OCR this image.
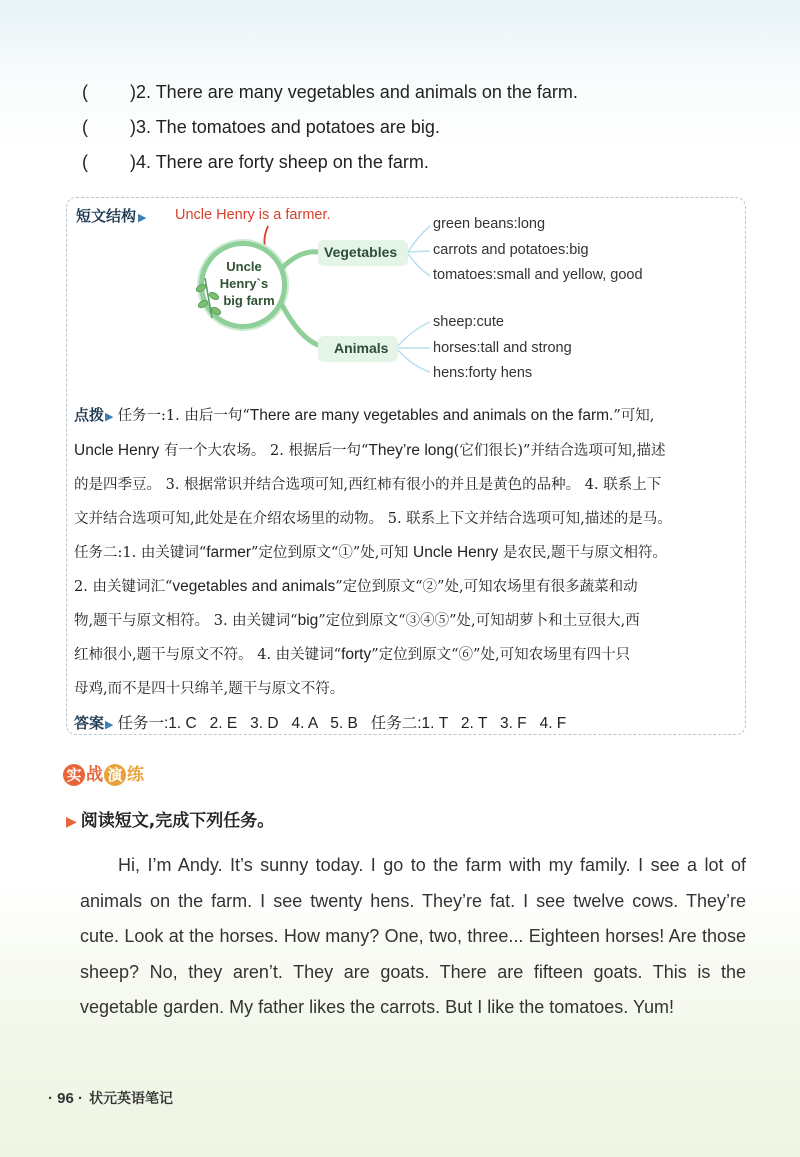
( )2. There are many vegetables and animals on the farm.
( )3. The tomatoes and potatoes are big.
( )4. There are forty sheep on the farm.
短文结构 ▶ Uncle Henry is a farmer.
Uncle
Henry`s
big farm
Vegetables
Animals
green beans:long
carrots and potatoes:big
tomatoes:small and yellow, good
sheep:cute
horses:tall and strong
hens:forty hens
点拨▶ 任务一:1. 由后一句“There are many vegetables and animals on the farm.”可知,
Uncle Henry 有一个大农场。 2. 根据后一句“They’re long(它们很长)”并结合选项可知,描述
的是四季豆。 3. 根据常识并结合选项可知,西红柿有很小的并且是黄色的品种。 4. 联系上下
文并结合选项可知,此处是在介绍农场里的动物。 5. 联系上下文并结合选项可知,描述的是马。
任务二:1. 由关键词“farmer”定位到原文“①”处,可知 Uncle Henry 是农民,题干与原文相符。
2. 由关键词汇“vegetables and animals”定位到原文“②”处,可知农场里有很多蔬菜和动
物,题干与原文相符。 3. 由关键词“big”定位到原文“③④⑤”处,可知胡萝卜和土豆很大,西
红柿很小,题干与原文不符。 4. 由关键词“forty”定位到原文“⑥”处,可知农场里有四十只
母鸡,而不是四十只绵羊,题干与原文不符。
答案▶ 任务一:1. C   2. E   3. D   4. A   5. B   任务二:1. T   2. T   3. F   4. F
实 战 演 练
▶ 阅读短文,完成下列任务。
Hi, I’m Andy. It’s sunny today. I go to the farm with my family. I see a lot of animals on the farm. I see twenty hens. They’re fat. I see twelve cows. They’re cute. Look at the horses. How many? One, two, three... Eighteen horses! Are those sheep? No, they aren’t. They are goats. There are fifteen goats. This is the vegetable garden. My father likes the carrots. But I like the tomatoes. Yum!
· 96 · 状元英语笔记
